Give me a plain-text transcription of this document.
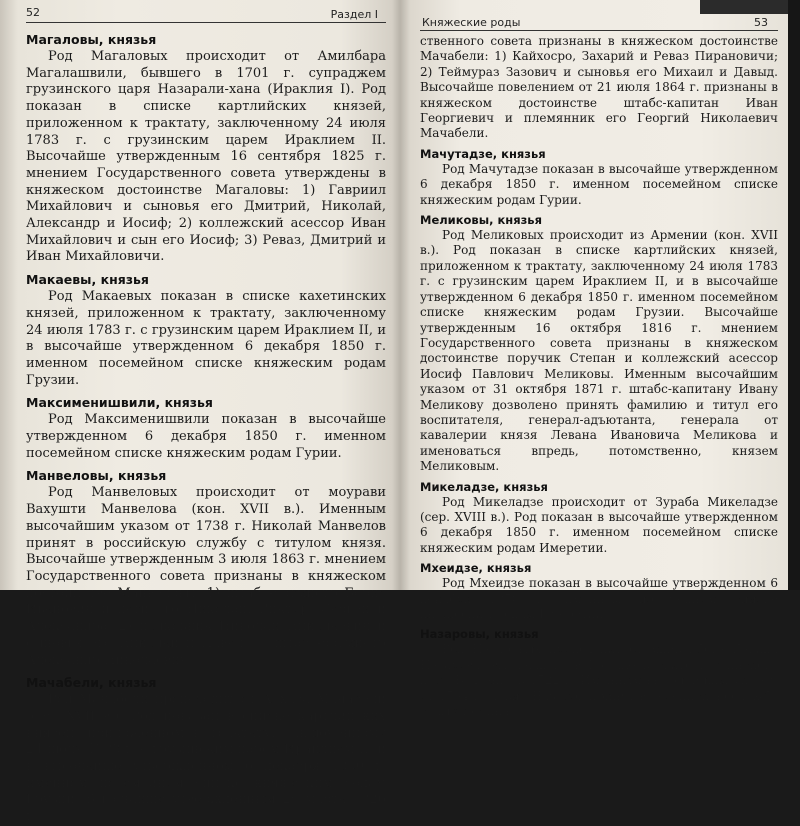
52	Раздел I
Магаловы, князья

Род Магаловых происходит от Амилбара Магалашвили, бывшего в 1701 г. супраджем грузинского царя Назарали-хана (Ираклия I). Род показан в списке картлийских князей, приложенном к трактату, заключенному 24 июля 1783 г. с грузинским царем Ираклием II. Высочайше утвержденным 16 сентября 1825 г. мнением Государственного совета утверждены в княжеском достоинстве Магаловы: 1) Гавриил Михайлович и сыновья его Дмитрий, Николай, Александр и Иосиф; 2) коллежский асессор Иван Михайлович и сын его Иосиф; 3) Реваз, Дмитрий и Иван Михайловичи.

Макаевы, князья

Род Макаевых показан в списке кахетинских князей, приложенном к трактату, заключенному 24 июля 1783 г. с грузинским царем Ираклием II, и в высочайше утвержденном 6 декабря 1850 г. именном посемейном списке княжеским родам Грузии.

Максименишвили, князья

Род Максименишвили показан в высочайше утвержденном 6 декабря 1850 г. именном посемейном списке княжеским родам Гурии.

Манвеловы, князья

Род Манвеловых происходит от моурави Вахушти Манвелова (кон. XVII в.). Именным высочайшим указом от 1738 г. Николай Манвелов принят в российскую службу с титулом князя. Высочайше утвержденным 3 июля 1863 г. мнением Государственного совета признаны в княжеском достоинстве Манвеловы: 1) штабс-ротмистр Борис Иванович и дети его Николай, Виктор, Сергей и Александра; 2) полковник Николай Николаевич и сыновья его Николай и Павел; 3) штабс-ротмистр Александр Николаевич.

Мачабели, князья

Род Мачабели происходит от Алхаза Мачабели (сер. XVII в.). Род показан в списке картлийских князей, приложенном к трактату, заключенному 24 июля 1783 г. с грузинским царем Ираклием II, и в высочайше утвержденном 6 декабря 1850 г. именном посемейном списке княжеским родам Грузии. Высочайше утвержденным 25 марта 1826 г.

Княжеские роды	53

ственного совета признаны в княжеском достоинстве Мачабели: 1) Кайхосро, Захарий и Реваз Пирановичи; 2) Теймураз Зазович и сыновья его Михаил и Давыд. Высочайше повелением от 21 июля 1864 г. признаны в княжеском достоинстве штабс-капитан Иван Георгиевич и племянник его Георгий Николаевич Мачабели.

Мачутадзе, князья

Род Мачутадзе показан в высочайше утвержденном 6 декабря 1850 г. именном посемейном списке княжеским родам Гурии.

Меликовы, князья

Род Меликовых происходит из Армении (кон. XVII в.). Род показан в списке картлийских князей, приложенном к трактату, заключенному 24 июля 1783 г. с грузинским царем Ираклием II, и в высочайше утвержденном 6 декабря 1850 г. именном посемейном списке княжеским родам Грузии. Высочайше утвержденным 16 октября 1816 г. мнением Государственного совета признаны в княжеском достоинстве поручик Степан и коллежский асессор Иосиф Павлович Меликовы. Именным высочайшим указом от 31 октября 1871 г. штабс-капитану Ивану Меликову дозволено принять фамилию и титул его воспитателя, генерал-адъютанта, генерала от кавалерии князя Левана Ивановича Меликова и именоваться впредь, потомственно, князем Меликовым.

Микеладзе, князья

Род Микеладзе происходит от Зураба Микеладзе (сер. XVIII в.). Род показан в высочайше утвержденном 6 декабря 1850 г. именном посемейном списке княжеским родам Имеретии.

Мхеидзе, князья

Род Мхеидзе показан в высочайше утвержденном 6 декабря 1850 г. именном посемейном списке княжеским родам Имеретии.

Назаровы, князья

Род Назаровых происходит от мдиванбега Давида Назарова, выехавшего в Россию в свите грузинского царя Вахтанга в 1722 г. Именным высочайшим указом от 1734 г. Давид Назаров принят в российскую службу с титулом князя.
